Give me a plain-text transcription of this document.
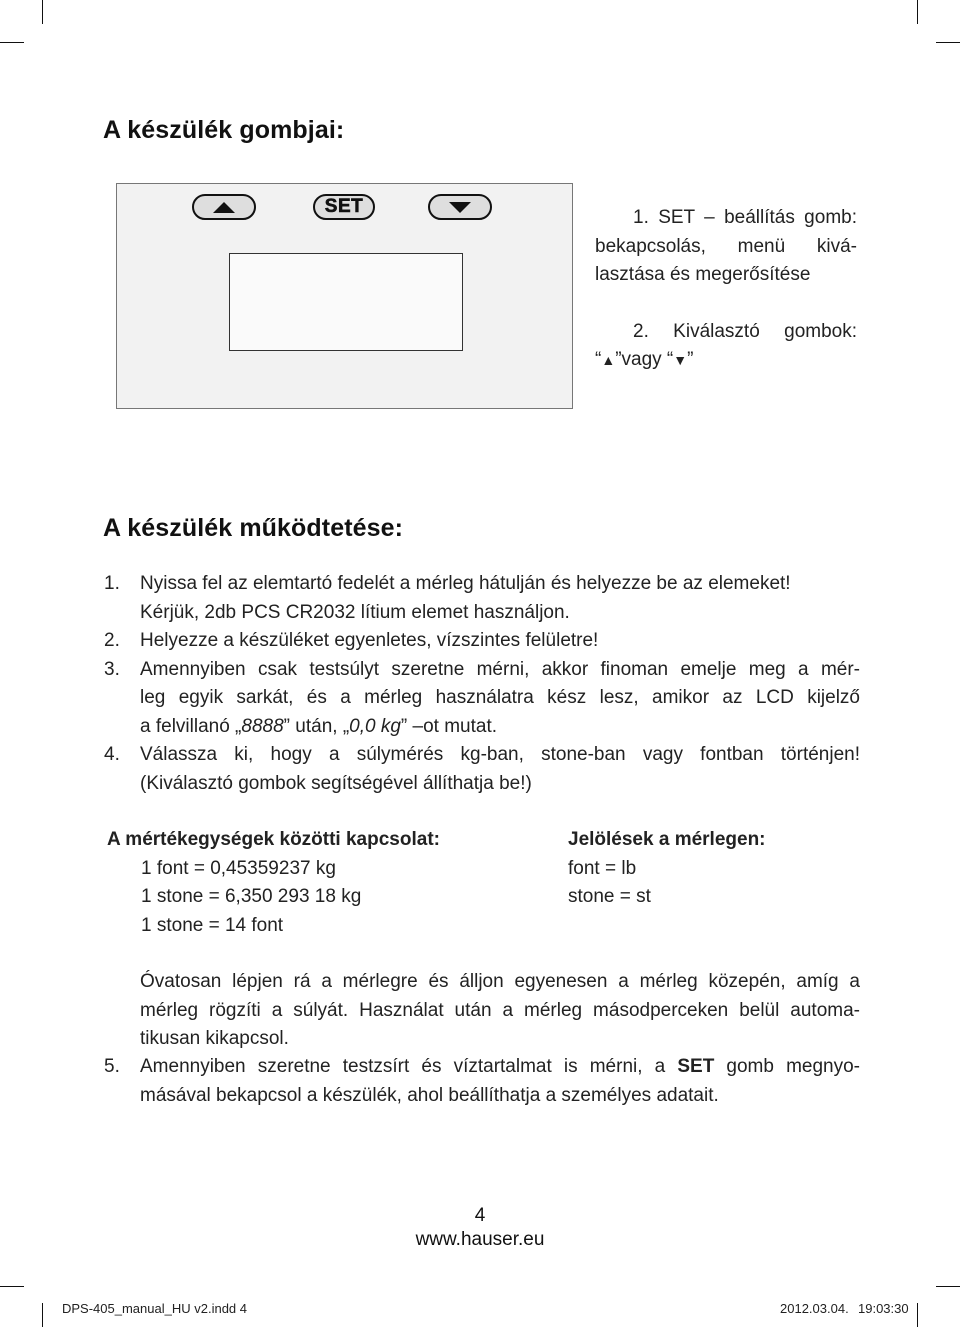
A készülék gombjai:
SET
1. SET – beállítás gomb:
bekapcsolás, menü kivá-
lasztása és megerősítése
2. Kiválasztó gombok:
“▲”vagy “▼”
A készülék működtetése:
1. Nyissa fel az elemtartó fedelét a mérleg hátulján és helyezze be az elemeket!
Kérjük, 2db PCS CR2032 lítium elemet használjon.
2. Helyezze a készüléket egyenletes, vízszintes felületre!
3. Amennyiben csak testsúlyt szeretne mérni, akkor finoman emelje meg a mér-
leg egyik sarkát, és a mérleg használatra kész lesz, amikor az LCD kijelző
a felvillanó „8888” után, „0,0 kg” –ot mutat.
4. Válassza ki, hogy a súlymérés kg-ban, stone-ban vagy fontban történjen!
(Kiválasztó gombok segítségével állíthatja be!)
A mértékegységek közötti kapcsolat:
1 font = 0,45359237 kg
1 stone = 6,350 293 18 kg
1 stone = 14 font
Jelölések a mérlegen:
font = lb
stone = st
Óvatosan lépjen rá a mérlegre és álljon egyenesen a mérleg közepén, amíg a
mérleg rögzíti a súlyát. Használat után a mérleg másodperceken belül automa-
tikusan kikapcsol.
5. Amennyiben szeretne testzsírt és víztartalmat is mérni, a SET gomb megnyo-
másával bekapcsol a készülék, ahol beállíthatja a személyes adatait.
4
www.hauser.eu
DPS-405_manual_HU v2.indd 4	2012.03.04. 19:03:30
